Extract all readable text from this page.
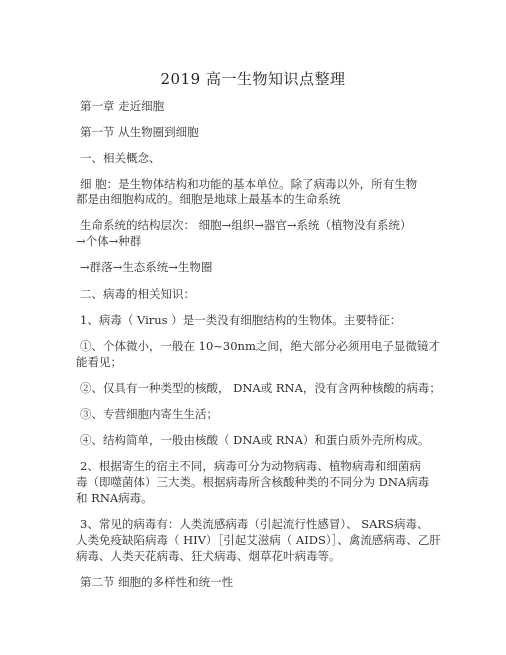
2019 高一生物知识点整理
第一章 走近细胞
第一节 从生物圈到细胞
一、相关概念、
细 胞：是生物体结构和功能的基本单位。除了病毒以外，所有生物
都是由细胞构成的。细胞是地球上最基本的生命系统
生命系统的结构层次： 细胞→组织→器官→系统（植物没有系统）
→个体→种群
→群落→生态系统→生物圈
二、病毒的相关知识：
1、病毒（ Virus ）是一类没有细胞结构的生物体。主要特征：
①、个体微小，一般在 10~30nm之间，绝大部分必须用电子显微镜才
能看见；
②、仅具有一种类型的核酸， DNA或 RNA，没有含两种核酸的病毒；
③、专营细胞内寄生生活；
④、结构简单，一般由核酸（ DNA或 RNA）和蛋白质外壳所构成。
2、根据寄生的宿主不同，病毒可分为动物病毒、植物病毒和细菌病
毒（即噬菌体）三大类。根据病毒所含核酸种类的不同分为 DNA病毒
和 RNA病毒。
3、常见的病毒有：人类流感病毒（引起流行性感冒）、 SARS病毒、
人类免疫缺陷病毒（ HIV）［引起艾滋病（ AIDS）］、禽流感病毒、乙肝
病毒、人类天花病毒、狂犬病毒、烟草花叶病毒等。
第二节 细胞的多样性和统一性
